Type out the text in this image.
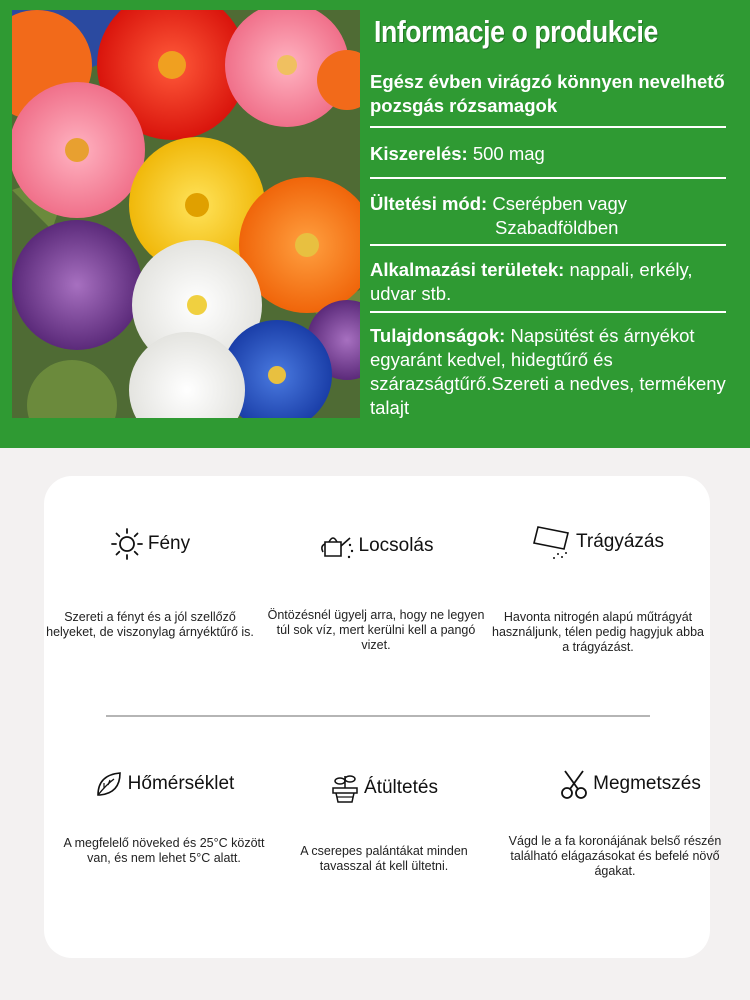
Informacje o produkcie
Egész évben virágzó könnyen nevelhető pozsgás rózsamagok
Kiszerelés: 500 mag
Ültetési mód: Cserépben vagy
Szabadföldben
Alkalmazási területek: nappali, erkély, udvar stb.
Tulajdonságok: Napsütést és árnyékot egyaránt kedvel, hidegtűrő és szárazságtűrő.Szereti a nedves, termékeny talajt
Fény
Szereti a fényt és a jól szellőző helyeket, de viszonylag árnyéktűrő is.
Locsolás
Öntözésnél ügyelj arra, hogy ne legyen túl sok víz, mert kerülni kell a pangó vizet.
Trágyázás
Havonta nitrogén alapú műtrágyát használjunk, télen pedig hagyjuk abba a trágyázást.
Hőmérséklet
A megfelelő növeked és 25°C között van, és nem lehet 5°C alatt.
Átültetés
A cserepes palántákat minden tavasszal át kell ültetni.
Megmetszés
Vágd le a fa koronájának belső részén található elágazásokat és befelé növő ágakat.
